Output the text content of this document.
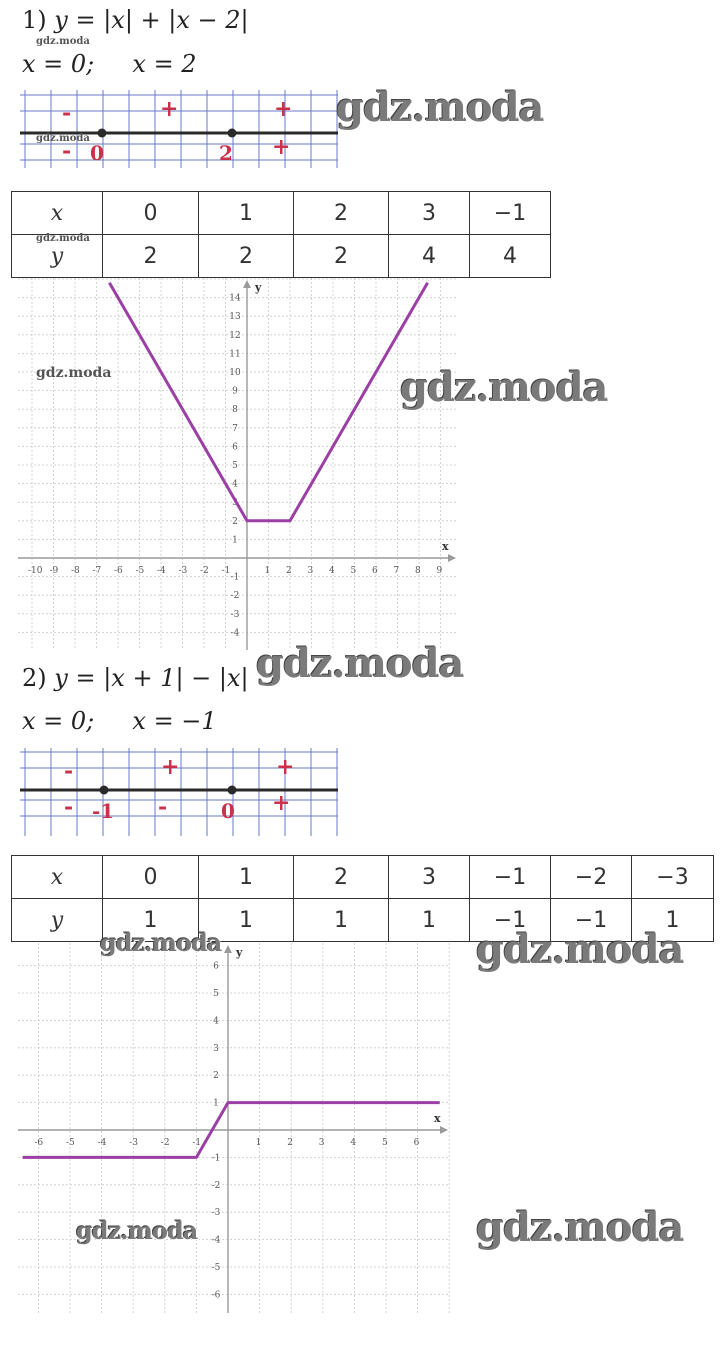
1) y = |x| + |x − 2|
gdz.moda
x = 0;     x = 2
-	+	+
-	+
0	2
gdz.moda
gdz.moda
x	0	1	2	3	−1

gdz.moda
y	2	2	2	4	4
-10 -9 -8 -7 -6 -5 -4 -3 -2 -1	1 2 3 4 5 6 7 8 9
14
13
12
11
10
9
8
7
6
5
4
3
2
1
-1
-2
-3
-4
x
y
gdz.moda	gdz.moda
2) y = |x + 1| − |x| gdz.moda
x = 0;     x = −1
-	+	+
-	-	+
-1	0
x	0	1	2	3	−1	−2	−3
y	1	1	1	1	−1	−1	1
-6	-5	-4	-3	-2	-1	1	2	3	4	5	6
6
5
4
3
2
1
-1
-2
-3
-4
-5
-6
x
y
gdz.moda	gdz.moda
gdz.moda	gdz.moda
